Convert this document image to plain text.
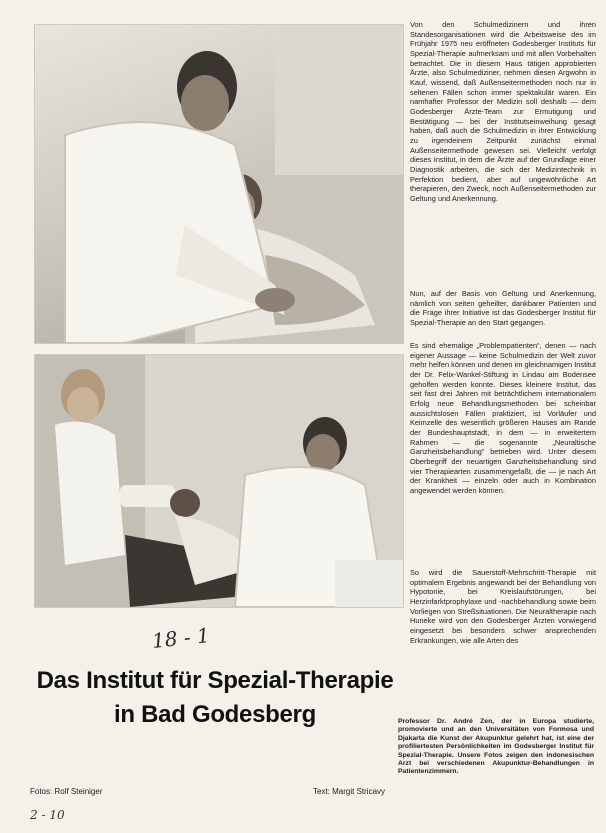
Von den Schulmedizinern und ihren Standesorganisationen wird die Arbeitsweise des im Frühjahr 1975 neu eröffneten Godesberger Instituts für Spezial-Therapie aufmerksam und mit allen Vorbehalten betrachtet. Die in diesem Haus tätigen approbierten Ärzte, also Schulmediziner, nehmen diesen Argwohn in Kauf, wissend, daß Außenseitermethoden noch nur in seltenen Fällen schon immer spektakulär waren. Ein namhafter Professor der Medizin soll deshalb — dem Godesberger Ärzte-Team zur Ermutigung und Bestätigung — bei der Institutseinweihung gesagt haben, daß auch die Schulmedizin in ihrer Entwicklung zu irgendeinem Zeitpunkt zunächst einmal Außenseitermethode gewesen sei. Vielleicht verfolgt dieses Institut, in dem die Ärzte auf der Grundlage einer Diagnostik arbeiten, die sich der Medizintechnik in Perfektion bedient, aber auf ungewöhnliche Art therapieren, den Zweck, noch Außenseitermethoden zur Geltung und Anerkennung.

Nun, auf der Basis von Geltung und Anerkennung, nämlich von seiten geheilter, dankbarer Patienten und die Frage ihrer Initiative ist das Godesberger Institut für Spezial-Therapie an den Start gegangen.

Es sind ehemalige „Problempatienten“, denen — nach eigener Aussage — keine Schulmedizin der Welt zuvor mehr helfen können und denen im gleichnamigen Institut der Dr. Felix-Wankel-Stiftung in Lindau am Bodensee geholfen werden konnte. Dieses kleinere Institut, das seit fast drei Jahren mit beträchtlichem internationalem Erfolg neue Behandlungsmethoden bei scheinbar aussichtslosen Fällen praktiziert, ist Vorläufer und Keimzelle des wesentlich größeren Hauses am Rande der Bundeshauptstadt, in dem — in erweitertem Rahmen — die sogenannte „Neuraltische Ganzheitsbehandlung“ betrieben wird. Unter diesem Oberbegriff der neuartigen Ganzheitsbehandlung sind vier Therapiearten zusammengefaßt, die — je nach Art der Krankheit — einzeln oder auch in Kombination angewendet werden können.

So wird die Sauerstoff-Mehrschritt-Therapie mit optimalem Ergebnis angewandt bei der Behandlung von Hypotonie, bei Kreislaufstörungen, bei Herzinfarktprophylaxe und -nachbehandlung sowie beim Vorliegen von Streßsituationen. Die Neuraltherapie nach Huneke wird von den Godesberger Ärzten vorwiegend eingesetzt bei besonders schwer ansprechenden Erkrankungen, wie alle Arten des

18 - 1
Das Institut für Spezial-Therapie
in Bad Godesberg	Professor Dr. André Zen, der in Europa studierte, promovierte und an den Universitäten von Formosa und Djakarta die Kunst der Akupunktur gelehrt hat, ist eine der profiliertesten Persönlichkeiten im Godesberger Institut für Spezial-Therapie. Unsere Fotos zeigen den indonesischen Arzt bei verschiedenen Akupunktur-Behandlungen in Patientenzimmern.
Fotos: Rolf Steiniger	Text: Margit Stricavy
2 - 10
